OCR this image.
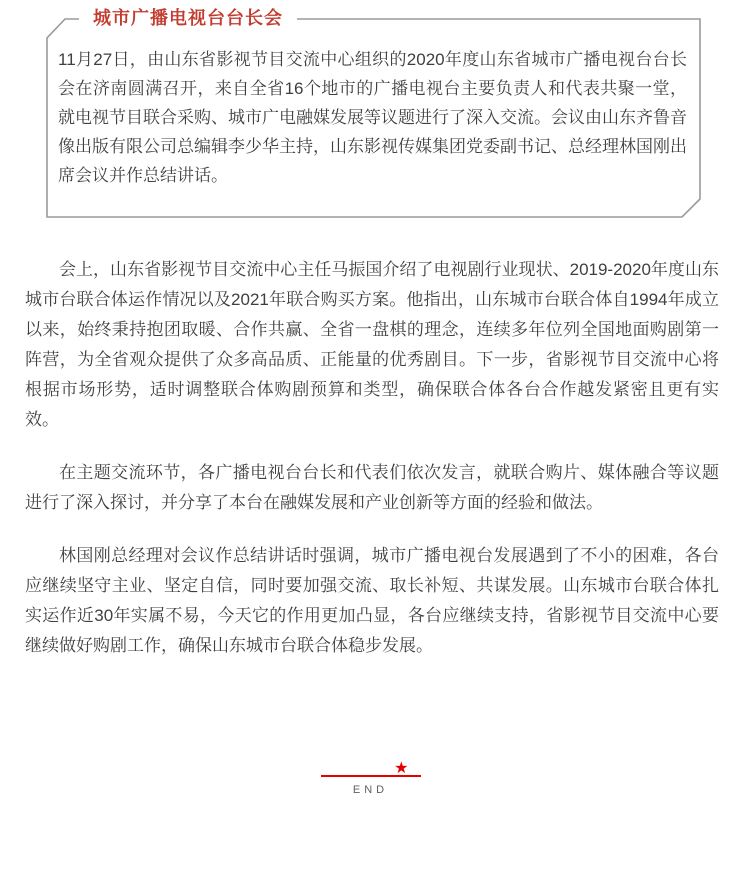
城市广播电视台台长会
11月27日，由山东省影视节目交流中心组织的2020年度山东省城市广播电视台台长会在济南圆满召开，来自全省16个地市的广播电视台主要负责人和代表共聚一堂，就电视节目联合采购、城市广电融媒发展等议题进行了深入交流。会议由山东齐鲁音像出版有限公司总编辑李少华主持，山东影视传媒集团党委副书记、总经理林国刚出席会议并作总结讲话。

会上，山东省影视节目交流中心主任马振国介绍了电视剧行业现状、2019-2020年度山东城市台联合体运作情况以及2021年联合购买方案。他指出，山东城市台联合体自1994年成立以来，始终秉持抱团取暖、合作共赢、全省一盘棋的理念，连续多年位列全国地面购剧第一阵营，为全省观众提供了众多高品质、正能量的优秀剧目。下一步，省影视节目交流中心将根据市场形势，适时调整联合体购剧预算和类型，确保联合体各台合作越发紧密且更有实效。

在主题交流环节，各广播电视台台长和代表们依次发言，就联合购片、媒体融合等议题进行了深入探讨，并分享了本台在融媒发展和产业创新等方面的经验和做法。

林国刚总经理对会议作总结讲话时强调，城市广播电视台发展遇到了不小的困难，各台应继续坚守主业、坚定自信，同时要加强交流、取长补短、共谋发展。山东城市台联合体扎实运作近30年实属不易，今天它的作用更加凸显，各台应继续支持，省影视节目交流中心要继续做好购剧工作，确保山东城市台联合体稳步发展。

★
END
